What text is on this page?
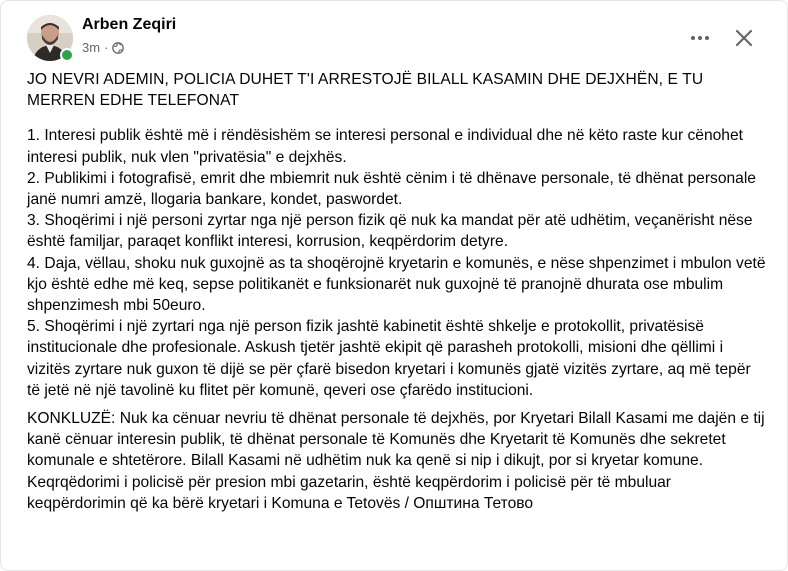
Arben Zeqiri
3m ·

JO NEVRI ADEMIN, POLICIA DUHET T'I ARRESTOJË BILALL KASAMIN DHE DEJXHËN, E TU MERREN EDHE TELEFONAT

1. Interesi publik është më i rëndësishëm se interesi personal e individual dhe në këto raste kur cënohet interesi publik, nuk vlen "privatësia" e dejxhës.

2. Publikimi i fotografisë, emrit dhe mbiemrit nuk është cënim i të dhënave personale, të dhënat personale janë numri amzë, llogaria bankare, kondet, paswordet.

3. Shoqërimi i një personi zyrtar nga një person fizik që nuk ka mandat për atë udhëtim, veçanërisht nëse është familjar, paraqet konflikt interesi, korrusion, keqpërdorim detyre.

4. Daja, vëllau, shoku nuk guxojnë as ta shoqërojnë kryetarin e komunës, e nëse shpenzimet i mbulon vetë kjo është edhe më keq, sepse politikanët e funksionarët nuk guxojnë të pranojnë dhurata ose mbulim shpenzimesh mbi 50euro.

5. Shoqërimi i një zyrtari nga një person fizik jashtë kabinetit është shkelje e protokollit, privatësisë institucionale dhe profesionale. Askush tjetër jashtë ekipit që parasheh protokolli, misioni dhe qëllimi i vizitës zyrtare nuk guxon të dijë se për çfarë bisedon kryetari i komunës gjatë vizitës zyrtare, aq më tepër të jetë në një tavolinë ku flitet për komunë, qeveri ose çfarëdo institucioni.

KONKLUZË: Nuk ka cënuar nevriu të dhënat personale të dejxhës, por Kryetari Bilall Kasami me dajën e tij kanë cënuar interesin publik, të dhënat personale të Komunës dhe Kryetarit të Komunës dhe sekretet komunale e shtetërore. Bilall Kasami në udhëtim nuk ka qenë si nip i dikujt, por si kryetar komune.

Keqrqëdorimi i policisë për presion mbi gazetarin, është keqpërdorim i policisë për të mbuluar keqpërdorimin që ka bërë kryetari i Komuna e Tetovës / Општина Тетово
